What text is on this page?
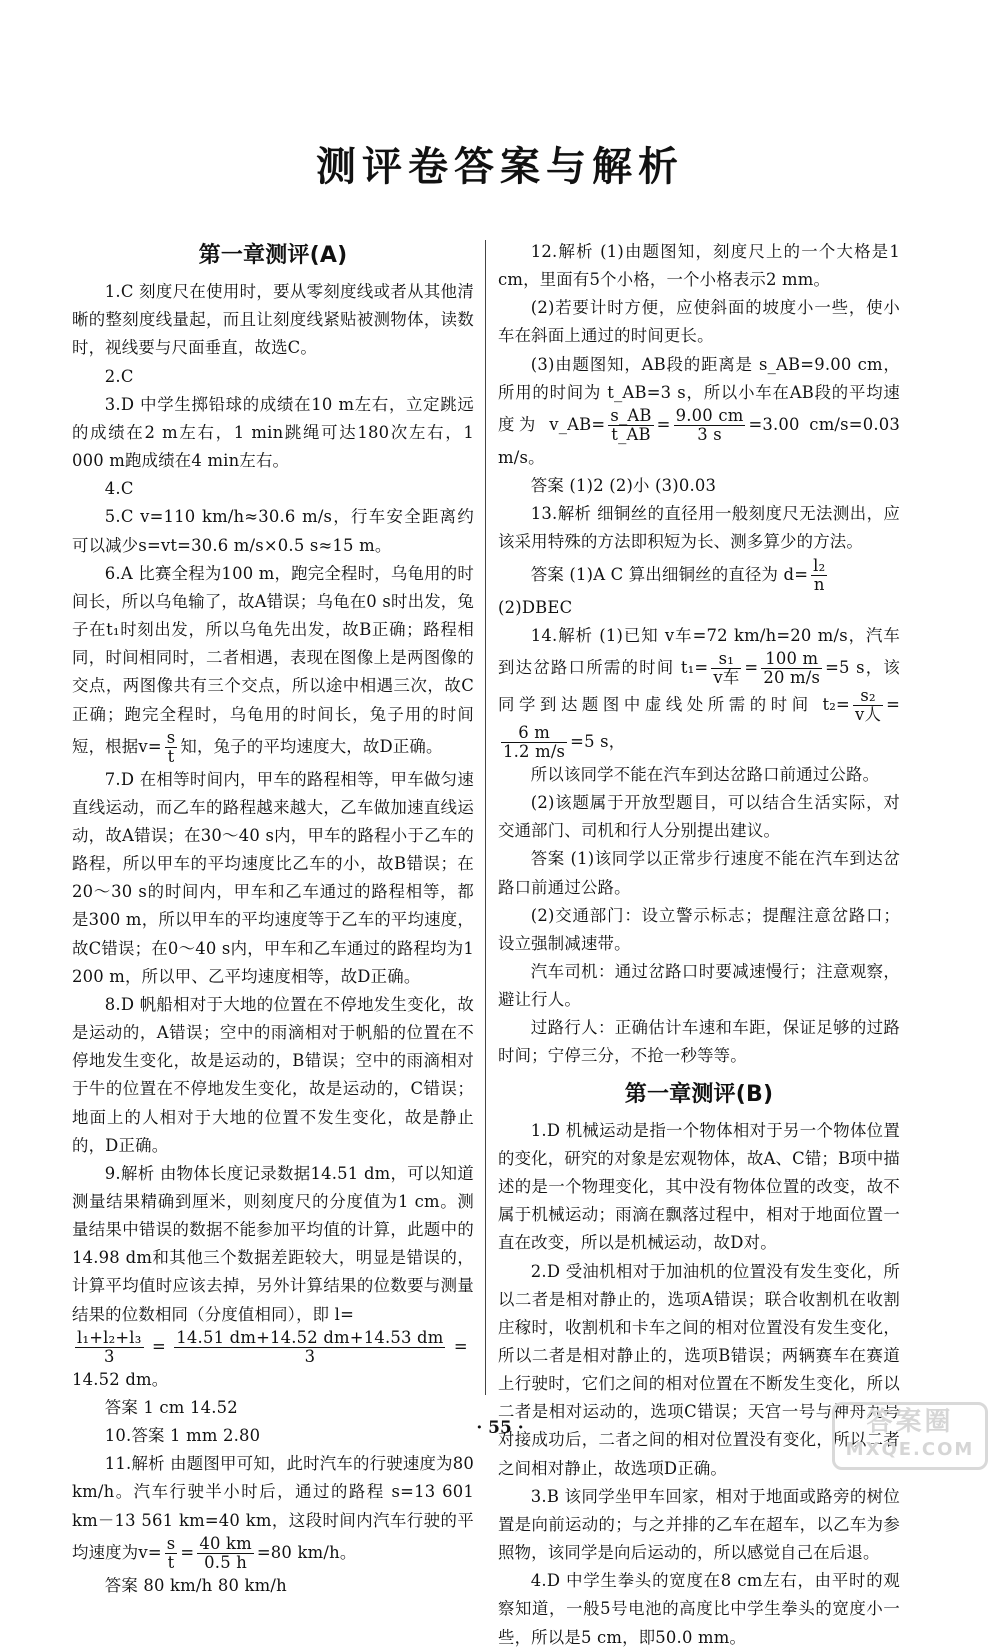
测评卷答案与解析
第一章测评(A)

1.C 刻度尺在使用时，要从零刻度线或者从其他清晰的整刻度线量起，而且让刻度线紧贴被测物体，读数时，视线要与尺面垂直，故选C。

2.C

3.D 中学生掷铅球的成绩在10 m左右，立定跳远的成绩在2 m左右，1 min跳绳可达180次左右，1 000 m跑成绩在4 min左右。

4.C

5.C v=110 km/h≈30.6 m/s，行车安全距离约可以减少s=vt=30.6 m/s×0.5 s≈15 m。

6.A 比赛全程为100 m，跑完全程时，乌龟用的时间长，所以乌龟输了，故A错误；乌龟在0 s时出发，兔子在t₁时刻出发，所以乌龟先出发，故B正确；路程相同，时间相同时，二者相遇，表现在图像上是两图像的交点，两图像共有三个交点，所以途中相遇三次，故C正确；跑完全程时，乌龟用的时间长，兔子用的时间短，根据$v= \frac{s}{t}$ 知，兔子的平均速度大，故D正确。

7.D 在相等时间内，甲车的路程相等，甲车做匀速直线运动，而乙车的路程越来越大，乙车做加速直线运动，故A错误；在30～40 s内，甲车的路程小于乙车的路程，所以甲车的平均速度比乙车的小，故B错误；在20～30 s的时间内，甲车和乙车通过的路程相等，都是300 m，所以甲车的平均速度等于乙车的平均速度，故C错误；在0～40 s内，甲车和乙车通过的路程均为1 200 m，所以甲、乙平均速度相等，故D正确。

8.D 帆船相对于大地的位置在不停地发生变化，故是运动的，A错误；空中的雨滴相对于帆船的位置在不停地发生变化，故是运动的，B错误；空中的雨滴相对于牛的位置在不停地发生变化，故是运动的，C错误；地面上的人相对于大地的位置不发生变化，故是静止的，D正确。

9.解析 由物体长度记录数据14.51 dm，可以知道测量结果精确到厘米，则刻度尺的分度值为1 cm。测量结果中错误的数据不能参加平均值的计算，此题中的14.98 dm和其他三个数据差距较大，明显是错误的，计算平均值时应该去掉，另外计算结果的位数要与测量结果的位数相同（分度值相同），即 l=

$\frac{\text{l₁+l₂+l₃}}{3} = \frac{14.51 dm+14.52 dm+14.53 dm}{3}$ =

14.52 dm。

答案 1 cm 14.52

10.答案 1 mm 2.80

11.解析 由题图甲可知，此时汽车的行驶速度为80 km/h。汽车行驶半小时后，通过的路程 s=13 601 km－13 561 km=40 km，这段时间内汽车行驶的平均速度为$v= \frac{s}{t} = \frac{40 km}{0.5 h} =80$ km/h。

答案 80 km/h 80 km/h

12.解析 (1)由题图知，刻度尺上的一个大格是1 cm，里面有5个小格，一个小格表示2 mm。

(2)若要计时方便，应使斜面的坡度小一些，使小车在斜面上通过的时间更长。

(3)由题图知，AB段的距离是 s_AB=9.00 cm，所用的时间为 t_AB=3 s，所以小车在AB段的平均速度为 v_AB= $\frac{s\_AB}{t\_AB} = \frac{9.00 cm}{3 s} =3.00$ cm/s=0.03 m/s。

答案 (1)2 (2)小 (3)0.03

13.解析 细铜丝的直径用一般刻度尺无法测出，应该采用特殊的方法即积短为长、测多算少的方法。

答案 (1)A C 算出细铜丝的直径为 $d= \frac{\text{l₂}}{n}$

(2)DBEC

14.解析 (1)已知 v车=72 km/h=20 m/s，汽车到达岔路口所需的时间 $t_1= \frac{\text{s₁}}{\text{v车}} = \frac{100 m}{20 m/s} =5$ s，该同学到达题图中虚线处所需的时间 $t_2= \frac{\text{s₂}}{\text{v人}}$ =
$\frac{6 m}{1.2 m/s} =5$ s，

所以该同学不能在汽车到达岔路口前通过公路。

(2)该题属于开放型题目，可以结合生活实际，对交通部门、司机和行人分别提出建议。

答案 (1)该同学以正常步行速度不能在汽车到达岔路口前通过公路。

(2)交通部门：设立警示标志；提醒注意岔路口；设立强制减速带。

汽车司机：通过岔路口时要减速慢行；注意观察，避让行人。

过路行人：正确估计车速和车距，保证足够的过路时间；宁停三分，不抢一秒等等。

第一章测评(B)

1.D 机械运动是指一个物体相对于另一个物体位置的变化，研究的对象是宏观物体，故A、C错；B项中描述的是一个物理变化，其中没有物体位置的改变，故不属于机械运动；雨滴在飘落过程中，相对于地面位置一直在改变，所以是机械运动，故D对。

2.D 受油机相对于加油机的位置没有发生变化，所以二者是相对静止的，选项A错误；联合收割机在收割庄稼时，收割机和卡车之间的相对位置没有发生变化，所以二者是相对静止的，选项B错误；两辆赛车在赛道上行驶时，它们之间的相对位置在不断发生变化，所以二者是相对运动的，选项C错误；天宫一号与神舟九号对接成功后，二者之间的相对位置没有变化，所以二者之间相对静止，故选项D正确。

3.B 该同学坐甲车回家，相对于地面或路旁的树位置是向前运动的；与之并排的乙车在超车，以乙车为参照物，该同学是向后运动的，所以感觉自己在后退。

4.D 中学生拳头的宽度在8 cm左右，由平时的观察知道，一般5号电池的高度比中学生拳头的宽度小一些，所以是5 cm，即50.0 mm。

· 55 ·	答案圈
MXQE.COM
